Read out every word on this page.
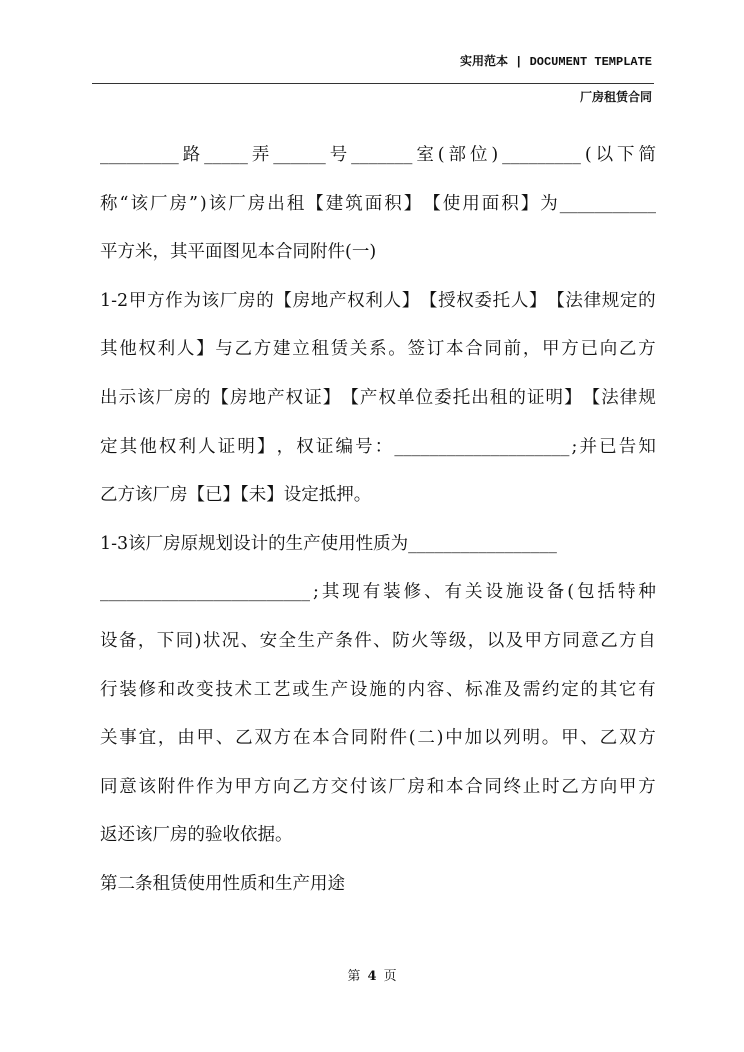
实用范本 | DOCUMENT TEMPLATE
厂房租赁合同
_________ 路 _____ 弄 ______ 号 _______ 室 ( 部 位 ) _________ ( 以 下 简
称 “ 该 厂 房 ” ) 该 厂 房 出 租 【 建 筑 面 积 】 【 使 用 面 积 】 为 ___________
平方米，其平面图见本合同附件(一)
1-2 甲 方 作 为 该 厂 房 的 【 房 地 产 权 利 人 】 【 授 权 委 托 人 】 【 法 律 规 定 的
其 他 权 利 人 】 与 乙 方 建 立 租 赁 关 系 。 签 订 本 合 同 前 ， 甲 方 已 向 乙 方
出 示 该 厂 房 的 【 房 地 产 权 证 】 【 产 权 单 位 委 托 出 租 的 证 明 】 【 法 律 规
定 其 他 权 利 人 证 明 】 ， 权 证 编 号 ： ____________________ ; 并 已 告 知
乙方该厂房【已】【未】设定抵押。
1-3该厂房原规划设计的生产使用性质为_________________
________________________ ; 其 现 有 装 修 、 有 关 设 施 设 备 ( 包 括 特 种
设 备 ， 下 同 ) 状 况 、 安 全 生 产 条 件 、 防 火 等 级 ， 以 及 甲 方 同 意 乙 方 自
行 装 修 和 改 变 技 术 工 艺 或 生 产 设 施 的 内 容 、 标 准 及 需 约 定 的 其 它 有
关 事 宜 ， 由 甲 、 乙 双 方 在 本 合 同 附 件 ( 二 ) 中 加 以 列 明 。 甲 、 乙 双 方
同 意 该 附 件 作 为 甲 方 向 乙 方 交 付 该 厂 房 和 本 合 同 终 止 时 乙 方 向 甲 方
返还该厂房的验收依据。
第二条租赁使用性质和生产用途
第 4 页
